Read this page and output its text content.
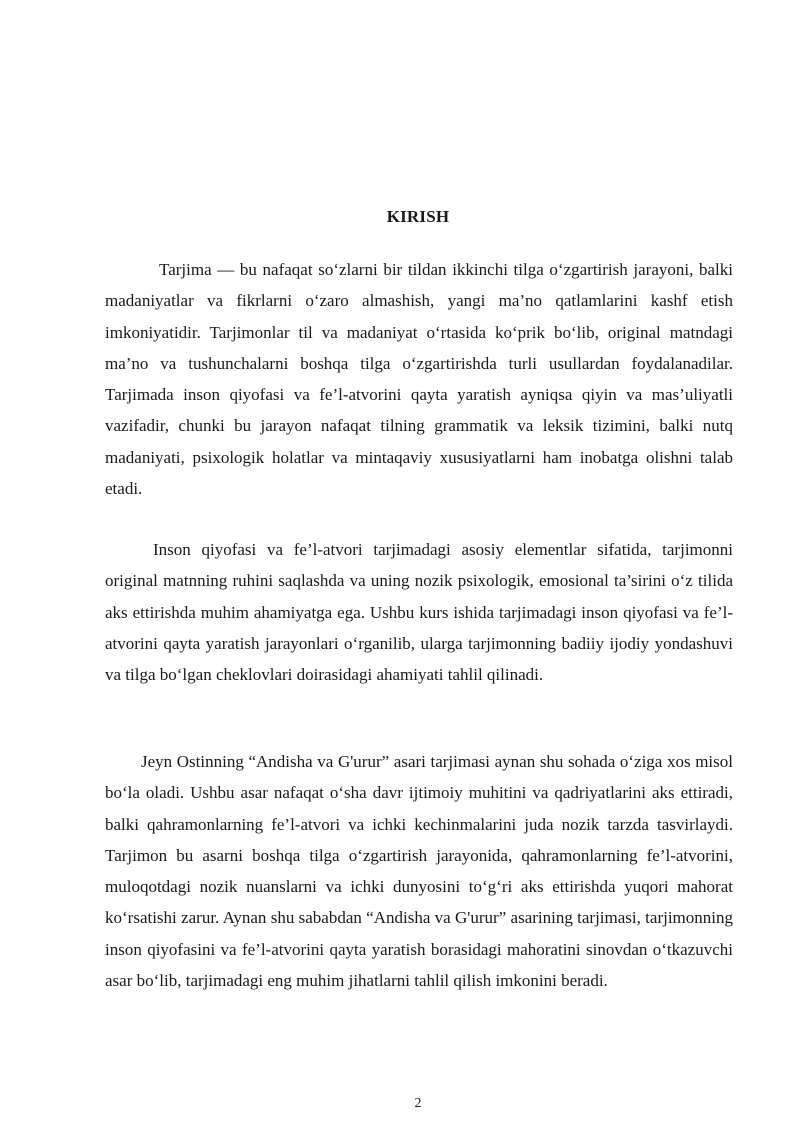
KIRISH

Tarjima — bu nafaqat so‘zlarni bir tildan ikkinchi tilga o‘zgartirish jarayoni, balki madaniyatlar va fikrlarni o‘zaro almashish, yangi ma’no qatlamlarini kashf etish imkoniyatidir. Tarjimonlar til va madaniyat o‘rtasida ko‘prik bo‘lib, original matndagi ma’no va tushunchalarni boshqa tilga o‘zgartirishda turli usullardan foydalanadilar. Tarjimada inson qiyofasi va fe’l-atvorini qayta yaratish ayniqsa qiyin va mas’uliyatli vazifadir, chunki bu jarayon nafaqat tilning grammatik va leksik tizimini, balki nutq madaniyati, psixologik holatlar va mintaqaviy xususiyatlarni ham inobatga olishni talab etadi.

Inson qiyofasi va fe’l-atvori tarjimadagi asosiy elementlar sifatida, tarjimonni original matnning ruhini saqlashda va uning nozik psixologik, emosional ta’sirini o‘z tilida aks ettirishda muhim ahamiyatga ega. Ushbu kurs ishida tarjimadagi inson qiyofasi va fe’l-atvorini qayta yaratish jarayonlari o‘rganilib, ularga tarjimonning badiiy ijodiy yondashuvi va tilga bo‘lgan cheklovlari doirasidagi ahamiyati tahlil qilinadi.

Jeyn Ostinning “Andisha va G'urur” asari tarjimasi aynan shu sohada o‘ziga xos misol bo‘la oladi. Ushbu asar nafaqat o‘sha davr ijtimoiy muhitini va qadriyatlarini aks ettiradi, balki qahramonlarning fe’l-atvori va ichki kechinmalarini juda nozik tarzda tasvirlaydi. Tarjimon bu asarni boshqa tilga o‘zgartirish jarayonida, qahramonlarning fe’l-atvorini, muloqotdagi nozik nuanslarni va ichki dunyosini to‘g‘ri aks ettirishda yuqori mahorat ko‘rsatishi zarur. Aynan shu sababdan “Andisha va G'urur” asarining tarjimasi, tarjimonning inson qiyofasini va fe’l-atvorini qayta yaratish borasidagi mahoratini sinovdan o‘tkazuvchi asar bo‘lib, tarjimadagi eng muhim jihatlarni tahlil qilish imkonini beradi.

2
